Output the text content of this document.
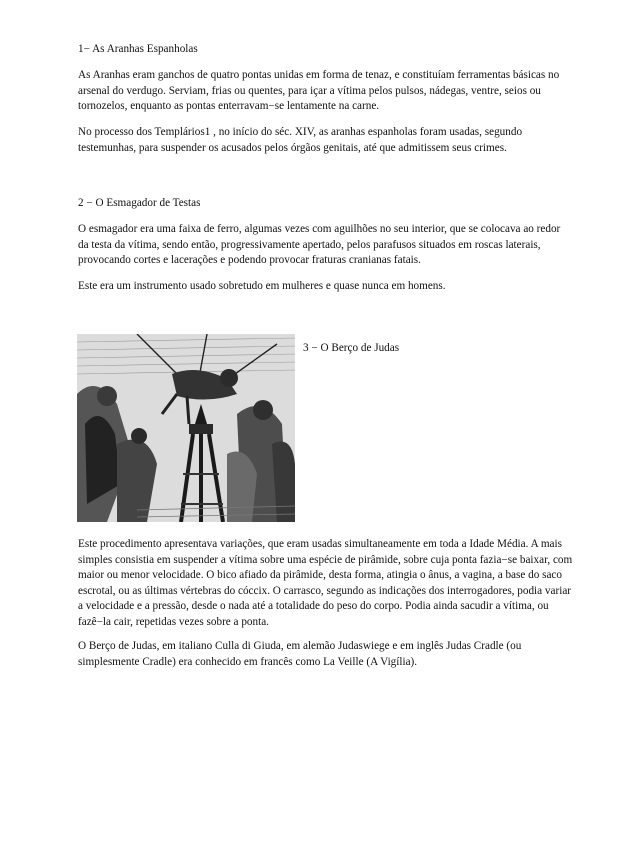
1− As Aranhas Espanholas

As Aranhas eram ganchos de quatro pontas unidas em forma de tenaz, e constituíam ferramentas básicas no
arsenal do verdugo. Serviam, frias ou quentes, para içar a vítima pelos pulsos, nádegas, ventre, seios ou
tornozelos, enquanto as pontas enterravam−se lentamente na carne.

No processo dos Templários1 , no início do séc. XIV, as aranhas espanholas foram usadas, segundo
testemunhas, para suspender os acusados pelos órgãos genitais, até que admitissem seus crimes.

2 − O Esmagador de Testas

O esmagador era uma faixa de ferro, algumas vezes com aguilhões no seu interior, que se colocava ao redor
da testa da vítima, sendo então, progressivamente apertado, pelos parafusos situados em roscas laterais,
provocando cortes e lacerações e podendo provocar fraturas cranianas fatais.

Este era um instrumento usado sobretudo em mulheres e quase nunca em homens.

3 − O Berço de Judas

Este procedimento apresentava variações, que eram usadas simultaneamente em toda a Idade Média. A mais
simples consistia em suspender a vítima sobre uma espécie de pirâmide, sobre cuja ponta fazia−se baixar, com
maior ou menor velocidade. O bico afiado da pirâmide, desta forma, atingia o ânus, a vagina, a base do saco
escrotal, ou as últimas vértebras do cóccix. O carrasco, segundo as indicações dos interrogadores, podia variar
a velocidade e a pressão, desde o nada até a totalidade do peso do corpo. Podia ainda sacudir a vítima, ou
fazê−la cair, repetidas vezes sobre a ponta.

O Berço de Judas, em italiano Culla di Giuda, em alemão Judaswiege e em inglês Judas Cradle (ou
simplesmente Cradle) era conhecido em francês como La Veille (A Vigília).
